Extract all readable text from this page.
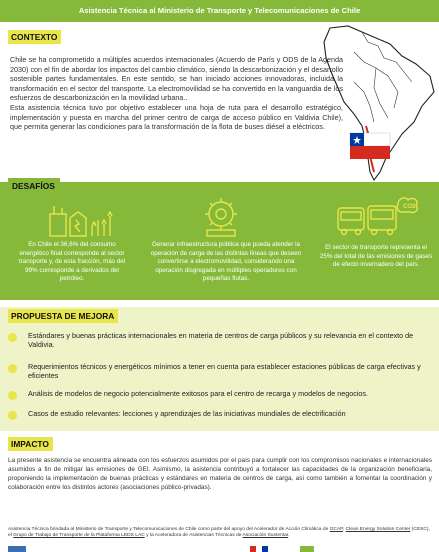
Asistencia Técnica al Ministerio de Transporte y Telecomunicaciones de Chile
CONTEXTO

Chile se ha comprometido a múltiples acuerdos internacionales (Acuerdo de París y ODS de la Agenda 2030) con el fin de abordar los impactos del cambio climático, siendo la descarbonización y el desarrollo sostenible partes fundamentales. En este sentido, se han iniciado acciones innovadoras, incluida la transformación en el sector del transporte. La electromovilidad se ha convertido en la vanguardia de los esfuerzos de descarbonización en la movilidad urbana..

Esta asistencia técnica tuvo por objetivo establecer una hoja de ruta para el desarrollo estratégico, implementación y puesta en marcha del primer centro de carga de acceso público en Valdivia Chile), que permita generar las condiciones para la transformación de la flota de buses diésel a eléctricos.

DESAFÍOS
En Chile el 36,6% del consumo energético final corresponde al sector transporte y, de esta fracción, más del 99% corresponde a derivados del petróleo.
Generar infraestructura pública que pueda atender la operación de carga de las distintas líneas que deseen convertirse a electromovilidad, considerando una operación disgregada en múltiples operadores con pequeñas flotas.
CO2
El sector de transporte representa el 25% del total de las emisiones de gases de efecto invernadero del país.
PROPUESTA DE MEJORA
Estándares y buenas prácticas internacionales en materia de centros de carga públicos y su relevancia en el contexto de Valdivia.
Requerimientos técnicos y energéticos mínimos a tener en cuenta para establecer estaciones públicas de carga efectivas y eficientes
Análisis de modelos de negocio potencialmente exitosos para el centro de recarga y modelos de negocios.
Casos de estudio relevantes: lecciones y aprendizajes de las iniciativas mundiales de electrificación
IMPACTO
La presente asistencia se encuentra alineada con los esfuerzos asumidos por el país para cumplir con los compromisos nacionales e internacionales asumidos a fin de mitigar las emisiones de GEI. Asimismo, la asistencia contribuyó a fortalecer las capacidades de la organización beneficiaria, proponiendo la implementación de buenas prácticas y estándares en materia de centros de carga, así como también a fomentar la coordinación y colaboración entre los distintos actores (asociaciones público-privadas).
Asistencia Técnica brindada al Ministerio de Transporte y Telecomunicaciones de Chile como parte del apoyo del Acelerador de Acción Climática de GCAP, Clean Energy Solution Center (CESC), el Grupo de Trabajo de Transporte de la Plataforma LEDS LAC y la Aceleradora de Asistencias Técnicas de Asociación Sustentar.
